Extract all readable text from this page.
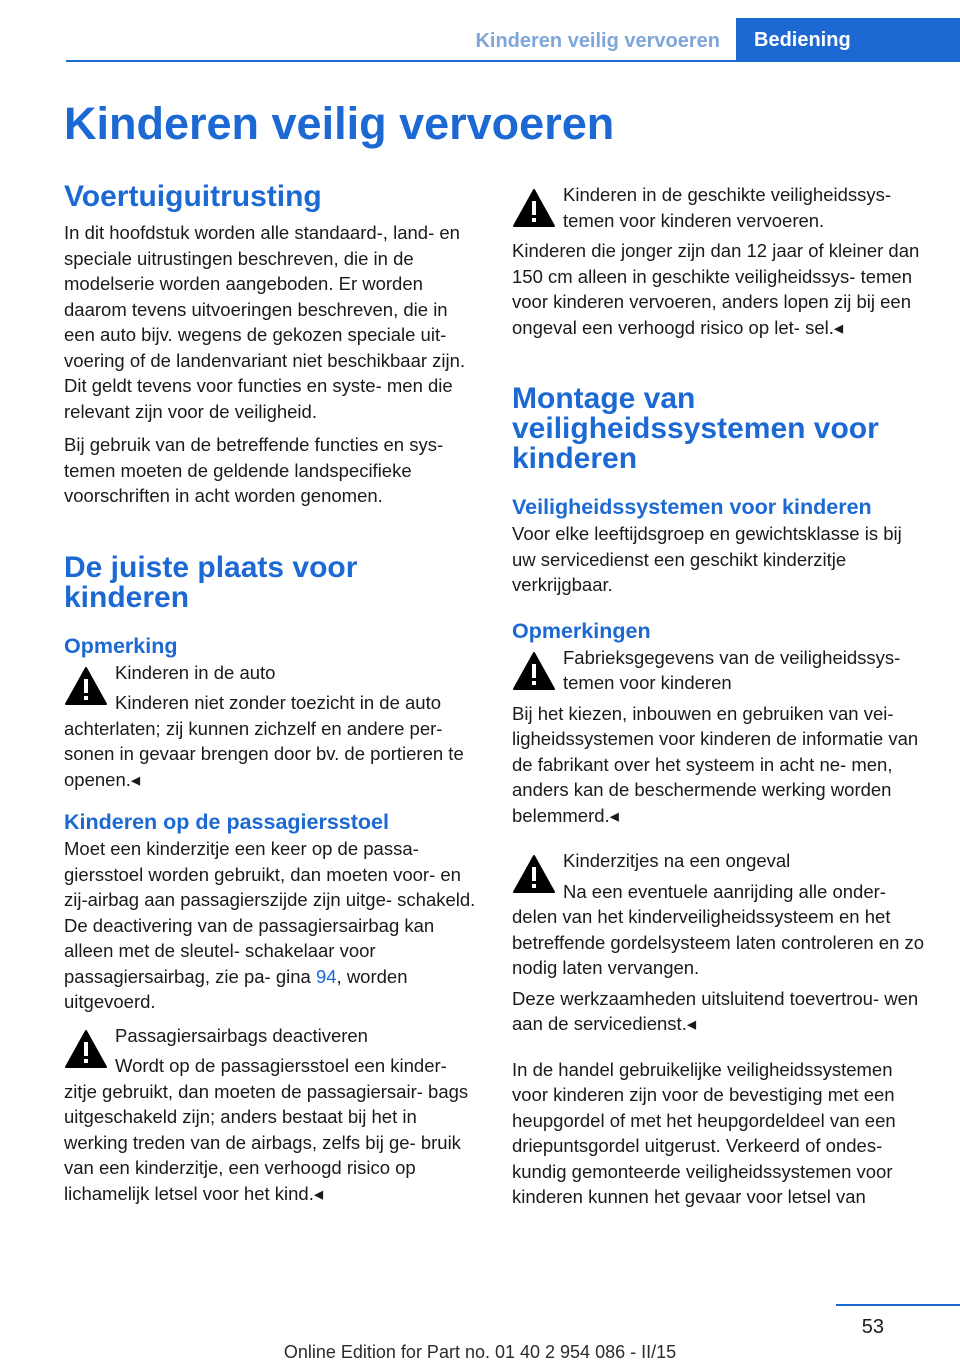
Kinderen veilig vervoeren	Bediening
Kinderen veilig vervoeren
Voertuiguitrusting

In dit hoofdstuk worden alle standaard-, land- en speciale uitrustingen beschreven, die in de modelserie worden aangeboden. Er worden daarom tevens uitvoeringen beschreven, die in een auto bijv. wegens de gekozen speciale uit- voering of de landenvariant niet beschikbaar zijn. Dit geldt tevens voor functies en syste- men die relevant zijn voor de veiligheid.

Bij gebruik van de betreffende functies en sys- temen moeten de geldende landspecifieke voorschriften in acht worden genomen.

De juiste plaats voor kinderen
Opmerking

Kinderen in de auto

Kinderen niet zonder toezicht in de auto achterlaten; zij kunnen zichzelf en andere per- sonen in gevaar brengen door bv. de portieren te openen.◂

Kinderen op de passagiersstoel

Moet een kinderzitje een keer op de passa- giersstoel worden gebruikt, dan moeten voor- en zij-airbag aan passagierszijde zijn uitge- schakeld. De deactivering van de passagiersairbag kan alleen met de sleutel- schakelaar voor passagiersairbag, zie pa- gina 94, worden uitgevoerd.

Passagiersairbags deactiveren

Wordt op de passagiersstoel een kinder- zitje gebruikt, dan moeten de passagiersair- bags uitgeschakeld zijn; anders bestaat bij het in werking treden van de airbags, zelfs bij ge- bruik van een kinderzitje, een verhoogd risico op lichamelijk letsel voor het kind.◂

Kinderen in de geschikte veiligheidssys- temen voor kinderen vervoeren.

Kinderen die jonger zijn dan 12 jaar of kleiner dan 150 cm alleen in geschikte veiligheidssys- temen voor kinderen vervoeren, anders lopen zij bij een ongeval een verhoogd risico op let- sel.◂

Montage van veiligheidssystemen voor kinderen
Veiligheidssystemen voor kinderen

Voor elke leeftijdsgroep en gewichtsklasse is bij uw servicedienst een geschikt kinderzitje verkrijgbaar.

Opmerkingen

Fabrieksgegevens van de veiligheidssys- temen voor kinderen

Bij het kiezen, inbouwen en gebruiken van vei- ligheidssystemen voor kinderen de informatie van de fabrikant over het systeem in acht ne- men, anders kan de beschermende werking worden belemmerd.◂

Kinderzitjes na een ongeval

Na een eventuele aanrijding alle onder- delen van het kinderveiligheidssysteem en het betreffende gordelsysteem laten controleren en zo nodig laten vervangen.

Deze werkzaamheden uitsluitend toevertrou- wen aan de servicedienst.◂

In de handel gebruikelijke veiligheidssystemen voor kinderen zijn voor de bevestiging met een heupgordel of met het heupgordeldeel van een driepuntsgordel uitgerust. Verkeerd of ondes- kundig gemonteerde veiligheidssystemen voor kinderen kunnen het gevaar voor letsel van

53
Online Edition for Part no. 01 40 2 954 086 - II/15
